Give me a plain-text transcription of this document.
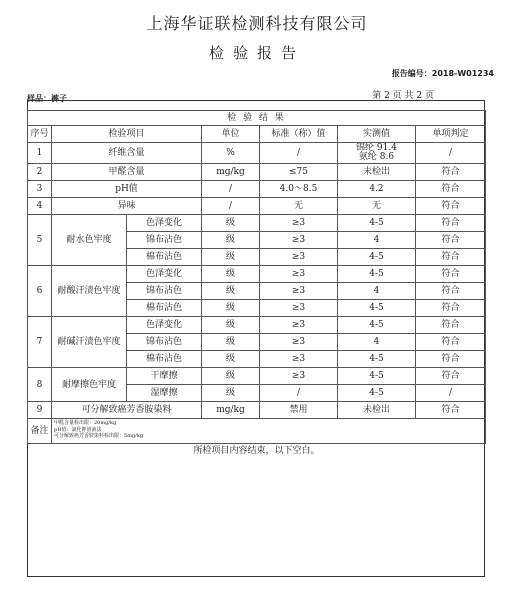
上海华证联检测科技有限公司
检验报告
报告编号：2018-W01234
样品：裤子	第 2 页 共 2 页
检 验 结 果						
序号	检验项目		单位	标准（称）值	实测值	单项判定
1	纤维含量		%	/	锦纶 91.4
氨纶 8.6	/
2	甲醛含量		mg/kg	≤75	未检出	符合
3	pH值		/	4.0～8.5	4.2	符合
4	异味		/	无	无	符合
5	耐水色牢度	色泽变化	级	≥3	4-5	符合
		锦布沾色	级	≥3	4	符合
		棉布沾色	级	≥3	4-5	符合
6	耐酸汗渍色牢度	色泽变化	级	≥3	4-5	符合
		锦布沾色	级	≥3	4	符合
		棉布沾色	级	≥3	4-5	符合
7	耐碱汗渍色牢度	色泽变化	级	≥3	4-5	符合
		锦布沾色	级	≥3	4	符合
		棉布沾色	级	≥3	4-5	符合
8	耐摩擦色牢度	干摩擦	级	≥3	4-5	符合
		湿摩擦	级	/	4-5	/
9	可分解致癌芳香胺染料		mg/kg	禁用	未检出	符合
备注	甲醛含量检出限：20mg/kg
pH值：氯化钾溶液法
可分解致癌芳香胺染料检出限：5mg/kg					

所检项目内容结束，以下空白。						
